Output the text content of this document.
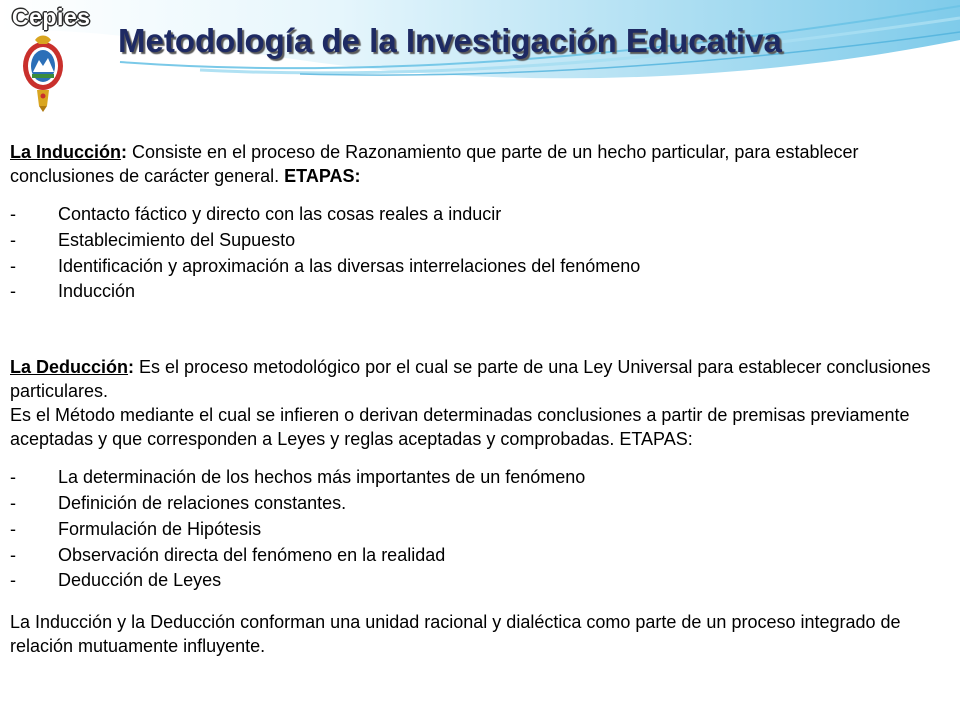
Cepies
Metodología de la Investigación Educativa

La Inducción: Consiste en el proceso de Razonamiento que parte de un hecho particular, para establecer conclusiones de carácter general. ETAPAS:

- Contacto fáctico y directo con las cosas reales a inducir
- Establecimiento del Supuesto
- Identificación y aproximación a las diversas interrelaciones del fenómeno
- Inducción

La Deducción: Es el proceso metodológico por el cual se parte de una Ley Universal para establecer conclusiones particulares.

Es el Método mediante el cual se infieren o derivan determinadas conclusiones a partir de premisas previamente aceptadas y que corresponden a Leyes y reglas aceptadas y comprobadas. ETAPAS:

- La determinación de los hechos más importantes de un fenómeno
- Definición de relaciones constantes.
- Formulación de Hipótesis
- Observación directa del fenómeno en la realidad
- Deducción de Leyes

La Inducción y la Deducción conforman una unidad racional y dialéctica como parte de un proceso integrado de relación mutuamente influyente.
